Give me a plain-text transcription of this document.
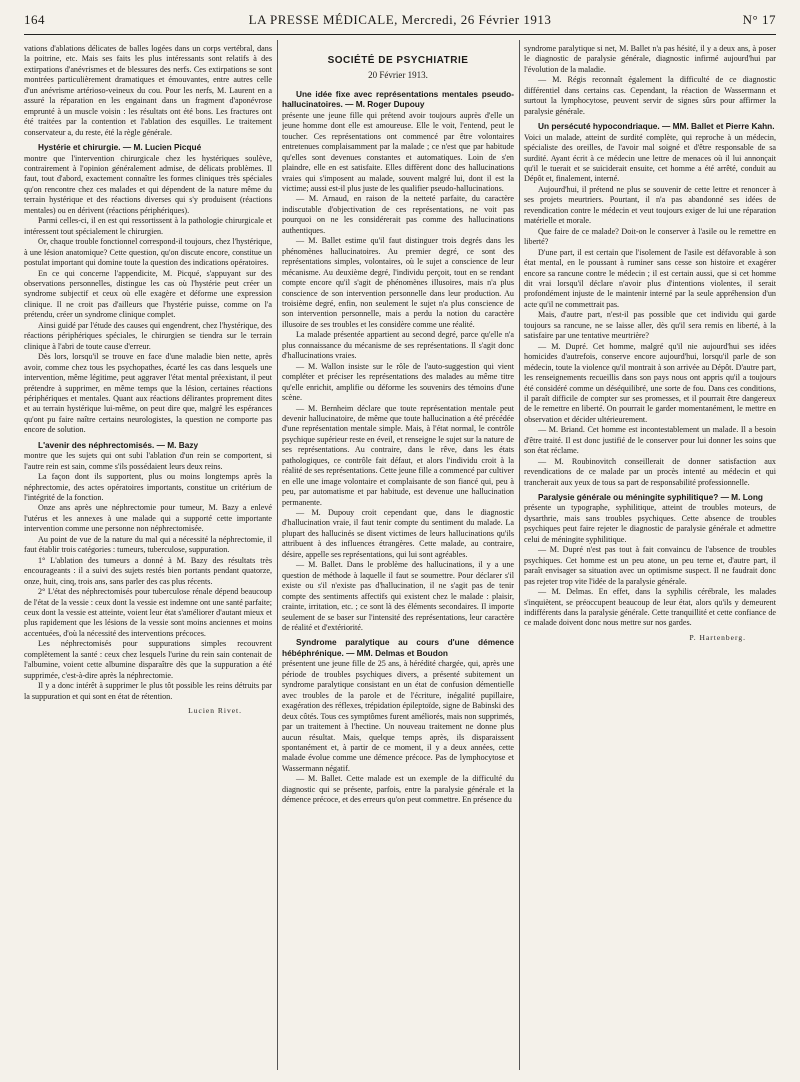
164	LA PRESSE MÉDICALE, Mercredi, 26 Février 1913	N° 17

vations d'ablations délicates de balles logées dans un corps vertébral, dans la poitrine, etc. Mais ses faits les plus intéressants sont relatifs à des extirpations d'anévrismes et de blessures des nerfs. Ces extirpations se sont montrées particulièrement dramatiques et émouvantes, entre autres celle d'un anévrisme artérioso-veineux du cou. Pour les nerfs, M. Laurent en a assuré la réparation en les engainant dans un fragment d'aponévrose emprunté à un muscle voisin : les résultats ont été bons. Les fractures ont été traitées par la contention et l'ablation des esquilles. Le traitement conservateur a, du reste, été la règle générale.

Hystérie et chirurgie. — M. Lucien Picqué

montre que l'intervention chirurgicale chez les hystériques soulève, contrairement à l'opinion généralement admise, de délicats problèmes. Il faut, tout d'abord, exactement connaître les formes cliniques très spéciales qu'on rencontre chez ces malades et qui dépendent de la nature même du terrain hystérique et des réactions diverses qui s'y produisent (réactions mentales) ou en dérivent (réactions périphériques).

Parmi celles-ci, il en est qui ressortissent à la pathologie chirurgicale et intéressent tout spécialement le chirurgien.

Or, chaque trouble fonctionnel correspond-il toujours, chez l'hystérique, à une lésion anatomique? Cette question, qu'on discute encore, constitue un postulat important qui domine toute la question des indications opératoires.

En ce qui concerne l'appendicite, M. Picqué, s'appuyant sur des observations personnelles, distingue les cas où l'hystérie peut créer un syndrome subjectif et ceux où elle exagère et déforme une expression clinique. Il ne croit pas d'ailleurs que l'hystérie puisse, comme on l'a prétendu, créer un syndrome clinique complet.

Ainsi guidé par l'étude des causes qui engendrent, chez l'hystérique, des réactions périphériques spéciales, le chirurgien se tiendra sur le terrain clinique à l'abri de toute cause d'erreur.

Dès lors, lorsqu'il se trouve en face d'une maladie bien nette, après avoir, comme chez tous les psychopathes, écarté les cas dans lesquels une intervention, même légitime, peut aggraver l'état mental préexistant, il peut prétendre à supprimer, en même temps que la lésion, certaines réactions périphériques et mentales. Quant aux réactions délirantes proprement dites et au terrain hystérique lui-même, on peut dire que, malgré les espérances qu'ont pu faire naître certains neurologistes, la question ne comporte pas encore de solution.

L'avenir des néphrectomisés. — M. Bazy

montre que les sujets qui ont subi l'ablation d'un rein se comportent, si l'autre rein est sain, comme s'ils possédaient leurs deux reins.

La façon dont ils supportent, plus ou moins longtemps après la néphrectomie, des actes opératoires importants, constitue un critérium de l'intégrité de la fonction.

Onze ans après une néphrectomie pour tumeur, M. Bazy a enlevé l'utérus et les annexes à une malade qui a supporté cette importante intervention comme une personne non néphrectomisée.

Au point de vue de la nature du mal qui a nécessité la néphrectomie, il faut établir trois catégories : tumeurs, tuberculose, suppuration.

1° L'ablation des tumeurs a donné à M. Bazy des résultats très encourageants : il a suivi des sujets restés bien portants pendant quatorze, onze, huit, cinq, trois ans, sans parler des cas plus récents.

2° L'état des néphrectomisés pour tuberculose rénale dépend beaucoup de l'état de la vessie : ceux dont la vessie est indemne ont une santé parfaite; ceux dont la vessie est atteinte, voient leur état s'améliorer d'autant mieux et plus rapidement que les lésions de la vessie sont moins anciennes et moins accentuées, d'où la nécessité des interventions précoces.

Les néphrectomisés pour suppurations simples recouvrent complètement la santé : ceux chez lesquels l'urine du rein sain contenait de l'albumine, voient cette albumine disparaître dès que la suppuration a été supprimée, c'est-à-dire après la néphrectomie.

Il y a donc intérêt à supprimer le plus tôt possible les reins détruits par la suppuration et qui sont en état de rétention.

Lucien Rivet.
SOCIÉTÉ DE PSYCHIATRIE
20 Février 1913.
Une idée fixe avec représentations mentales pseudo-hallucinatoires. — M. Roger Dupouy

présente une jeune fille qui prétend avoir toujours auprès d'elle un jeune homme dont elle est amoureuse. Elle le voit, l'entend, peut le toucher. Ces représentations ont commencé par être volontaires entretenues complaisamment par la malade ; ce n'est que par habitude qu'elles sont devenues constantes et automatiques. Loin de s'en plaindre, elle en est satisfaite. Elles diffèrent donc des hallucinations vraies qui s'imposent au malade, souvent malgré lui, dont il est la victime; aussi est-il plus juste de les qualifier pseudo-hallucinations.

— M. Arnaud, en raison de la netteté parfaite, du caractère indiscutable d'objectivation de ces représentations, ne voit pas pourquoi on ne les considérerait pas comme des hallucinations authentiques.

— M. Ballet estime qu'il faut distinguer trois degrés dans les phénomènes hallucinatoires. Au premier degré, ce sont des représentations simples, volontaires, où le sujet a conscience de leur mécanisme. Au deuxième degré, l'individu perçoit, tout en se rendant compte encore qu'il s'agit de phénomènes illusoires, mais n'a plus conscience de son intervention personnelle dans leur production. Au troisième degré, enfin, non seulement le sujet n'a plus conscience de son intervention personnelle, mais a perdu la notion du caractère illusoire de ses troubles et les considère comme une réalité.

La malade présentée appartient au second degré, parce qu'elle n'a plus connaissance du mécanisme de ses représentations. Il s'agit donc d'hallucinations vraies.

— M. Wallon insiste sur le rôle de l'auto-suggestion qui vient compléter et préciser les représentations des malades au même titre qu'elle enrichit, amplifie ou déforme les souvenirs des témoins d'une scène.

— M. Bernheim déclare que toute représentation mentale peut devenir hallucinatoire, de même que toute hallucination a été précédée d'une représentation mentale simple. Mais, à l'état normal, le contrôle psychique supérieur reste en éveil, et renseigne le sujet sur la nature de ses représentations. Au contraire, dans le rêve, dans les états pathologiques, ce contrôle fait défaut, et alors l'individu croit à la réalité de ses représentations. Cette jeune fille a commencé par cultiver en elle une image volontaire et complaisante de son fiancé qui, peu à peu, par automatisme et par habitude, est devenue une hallucination permanente.

— M. Dupouy croit cependant que, dans le diagnostic d'hallucination vraie, il faut tenir compte du sentiment du malade. La plupart des hallucinés se disent victimes de leurs hallucinations qu'ils attribuent à des influences étrangères. Cette malade, au contraire, désire, appelle ses représentations, qui lui sont agréables.

— M. Ballet. Dans le problème des hallucinations, il y a une question de méthode à laquelle il faut se soumettre. Pour déclarer s'il existe ou s'il n'existe pas d'hallucination, il ne s'agit pas de tenir compte des sentiments affectifs qui existent chez le malade : plaisir, crainte, irritation, etc. ; ce sont là des éléments secondaires. Il importe seulement de se baser sur l'intensité des représentations, leur caractère de réalité et d'extériorité.

Syndrome paralytique au cours d'une démence hébéphrénique. — MM. Delmas et Boudon

présentent une jeune fille de 25 ans, à hérédité chargée, qui, après une période de troubles psychiques divers, a présenté subitement un syndrome paralytique consistant en un état de confusion démentielle avec troubles de la parole et de l'écriture, inégalité pupillaire, exagération des réflexes, trépidation épileptoïde, signe de Babinski des deux côtés. Tous ces symptômes furent améliorés, mais non supprimés, par un traitement à l'hectine. Un nouveau traitement ne donne plus aucun résultat. Mais, quelque temps après, ils disparaissent spontanément et, à partir de ce moment, il y a deux années, cette malade évolue comme une démence précoce. Pas de lymphocytose et Wassermann négatif.

— M. Ballet. Cette malade est un exemple de la difficulté du diagnostic qui se présente, parfois, entre la paralysie générale et la démence précoce, et des erreurs qu'on peut commettre. En présence du

syndrome paralytique si net, M. Ballet n'a pas hésité, il y a deux ans, à poser le diagnostic de paralysie générale, diagnostic infirmé aujourd'hui par l'évolution de la maladie.

— M. Régis reconnaît également la difficulté de ce diagnostic différentiel dans certains cas. Cependant, la réaction de Wassermann et surtout la lymphocytose, peuvent servir de signes sûrs pour affirmer la paralysie générale.

Un persécuté hypocondriaque. — MM. Ballet et Pierre Kahn.

Voici un malade, atteint de surdité complète, qui reproche à un médecin, spécialiste des oreilles, de l'avoir mal soigné et d'être responsable de sa surdité. Ayant écrit à ce médecin une lettre de menaces où il lui annonçait qu'il le tuerait et se suiciderait ensuite, cet homme a été arrêté, conduit au Dépôt et, finalement, interné.

Aujourd'hui, il prétend ne plus se souvenir de cette lettre et renoncer à ses projets meurtriers. Pourtant, il n'a pas abandonné ses idées de revendication contre le médecin et veut toujours exiger de lui une réparation matérielle et morale.

Que faire de ce malade? Doit-on le conserver à l'asile ou le remettre en liberté?

D'une part, il est certain que l'isolement de l'asile est défavorable à son état mental, en le poussant à ruminer sans cesse son histoire et exagérer encore sa rancune contre le médecin ; il est certain aussi, que si cet homme dit vrai lorsqu'il déclare n'avoir plus d'intentions violentes, il serait profondément injuste de le maintenir interné par la seule appréhension d'un acte qu'il ne commettrait pas.

Mais, d'autre part, n'est-il pas possible que cet individu qui garde toujours sa rancune, ne se laisse aller, dès qu'il sera remis en liberté, à la satisfaire par une tentative meurtrière?

— M. Dupré. Cet homme, malgré qu'il nie aujourd'hui ses idées homicides d'autrefois, conserve encore aujourd'hui, lorsqu'il parle de son médecin, toute la violence qu'il montrait à son arrivée au Dépôt. D'autre part, les renseignements recueillis dans son pays nous ont appris qu'il a toujours été considéré comme un déséquilibré, une sorte de fou. Dans ces conditions, il paraît difficile de compter sur ses promesses, et il pourrait être dangereux de le remettre en liberté. On pourrait le garder momentanément, le mettre en observation et décider ultérieurement.

— M. Briand. Cet homme est incontestablement un malade. Il a besoin d'être traité. Il est donc justifié de le conserver pour lui donner les soins que son état réclame.

— M. Roubinovitch conseillerait de donner satisfaction aux revendications de ce malade par un procès intenté au médecin et qui trancherait aux yeux de tous sa part de responsabilité professionnelle.

Paralysie générale ou méningite syphilitique? — M. Long

présente un typographe, syphilitique, atteint de troubles moteurs, de dysarthrie, mais sans troubles psychiques. Cette absence de troubles psychiques peut faire rejeter le diagnostic de paralysie générale et admettre celui de méningite syphilitique.

— M. Dupré n'est pas tout à fait convaincu de l'absence de troubles psychiques. Cet homme est un peu atone, un peu terne et, d'autre part, il paraît envisager sa situation avec un optimisme suspect. Il ne faudrait donc pas rejeter trop vite l'idée de la paralysie générale.

— M. Delmas. En effet, dans la syphilis cérébrale, les malades s'inquiètent, se préoccupent beaucoup de leur état, alors qu'ils y demeurent indifférents dans la paralysie générale. Cette tranquillité et cette confiance de ce malade doivent donc nous mettre sur nos gardes.

P. Hartenberg.
